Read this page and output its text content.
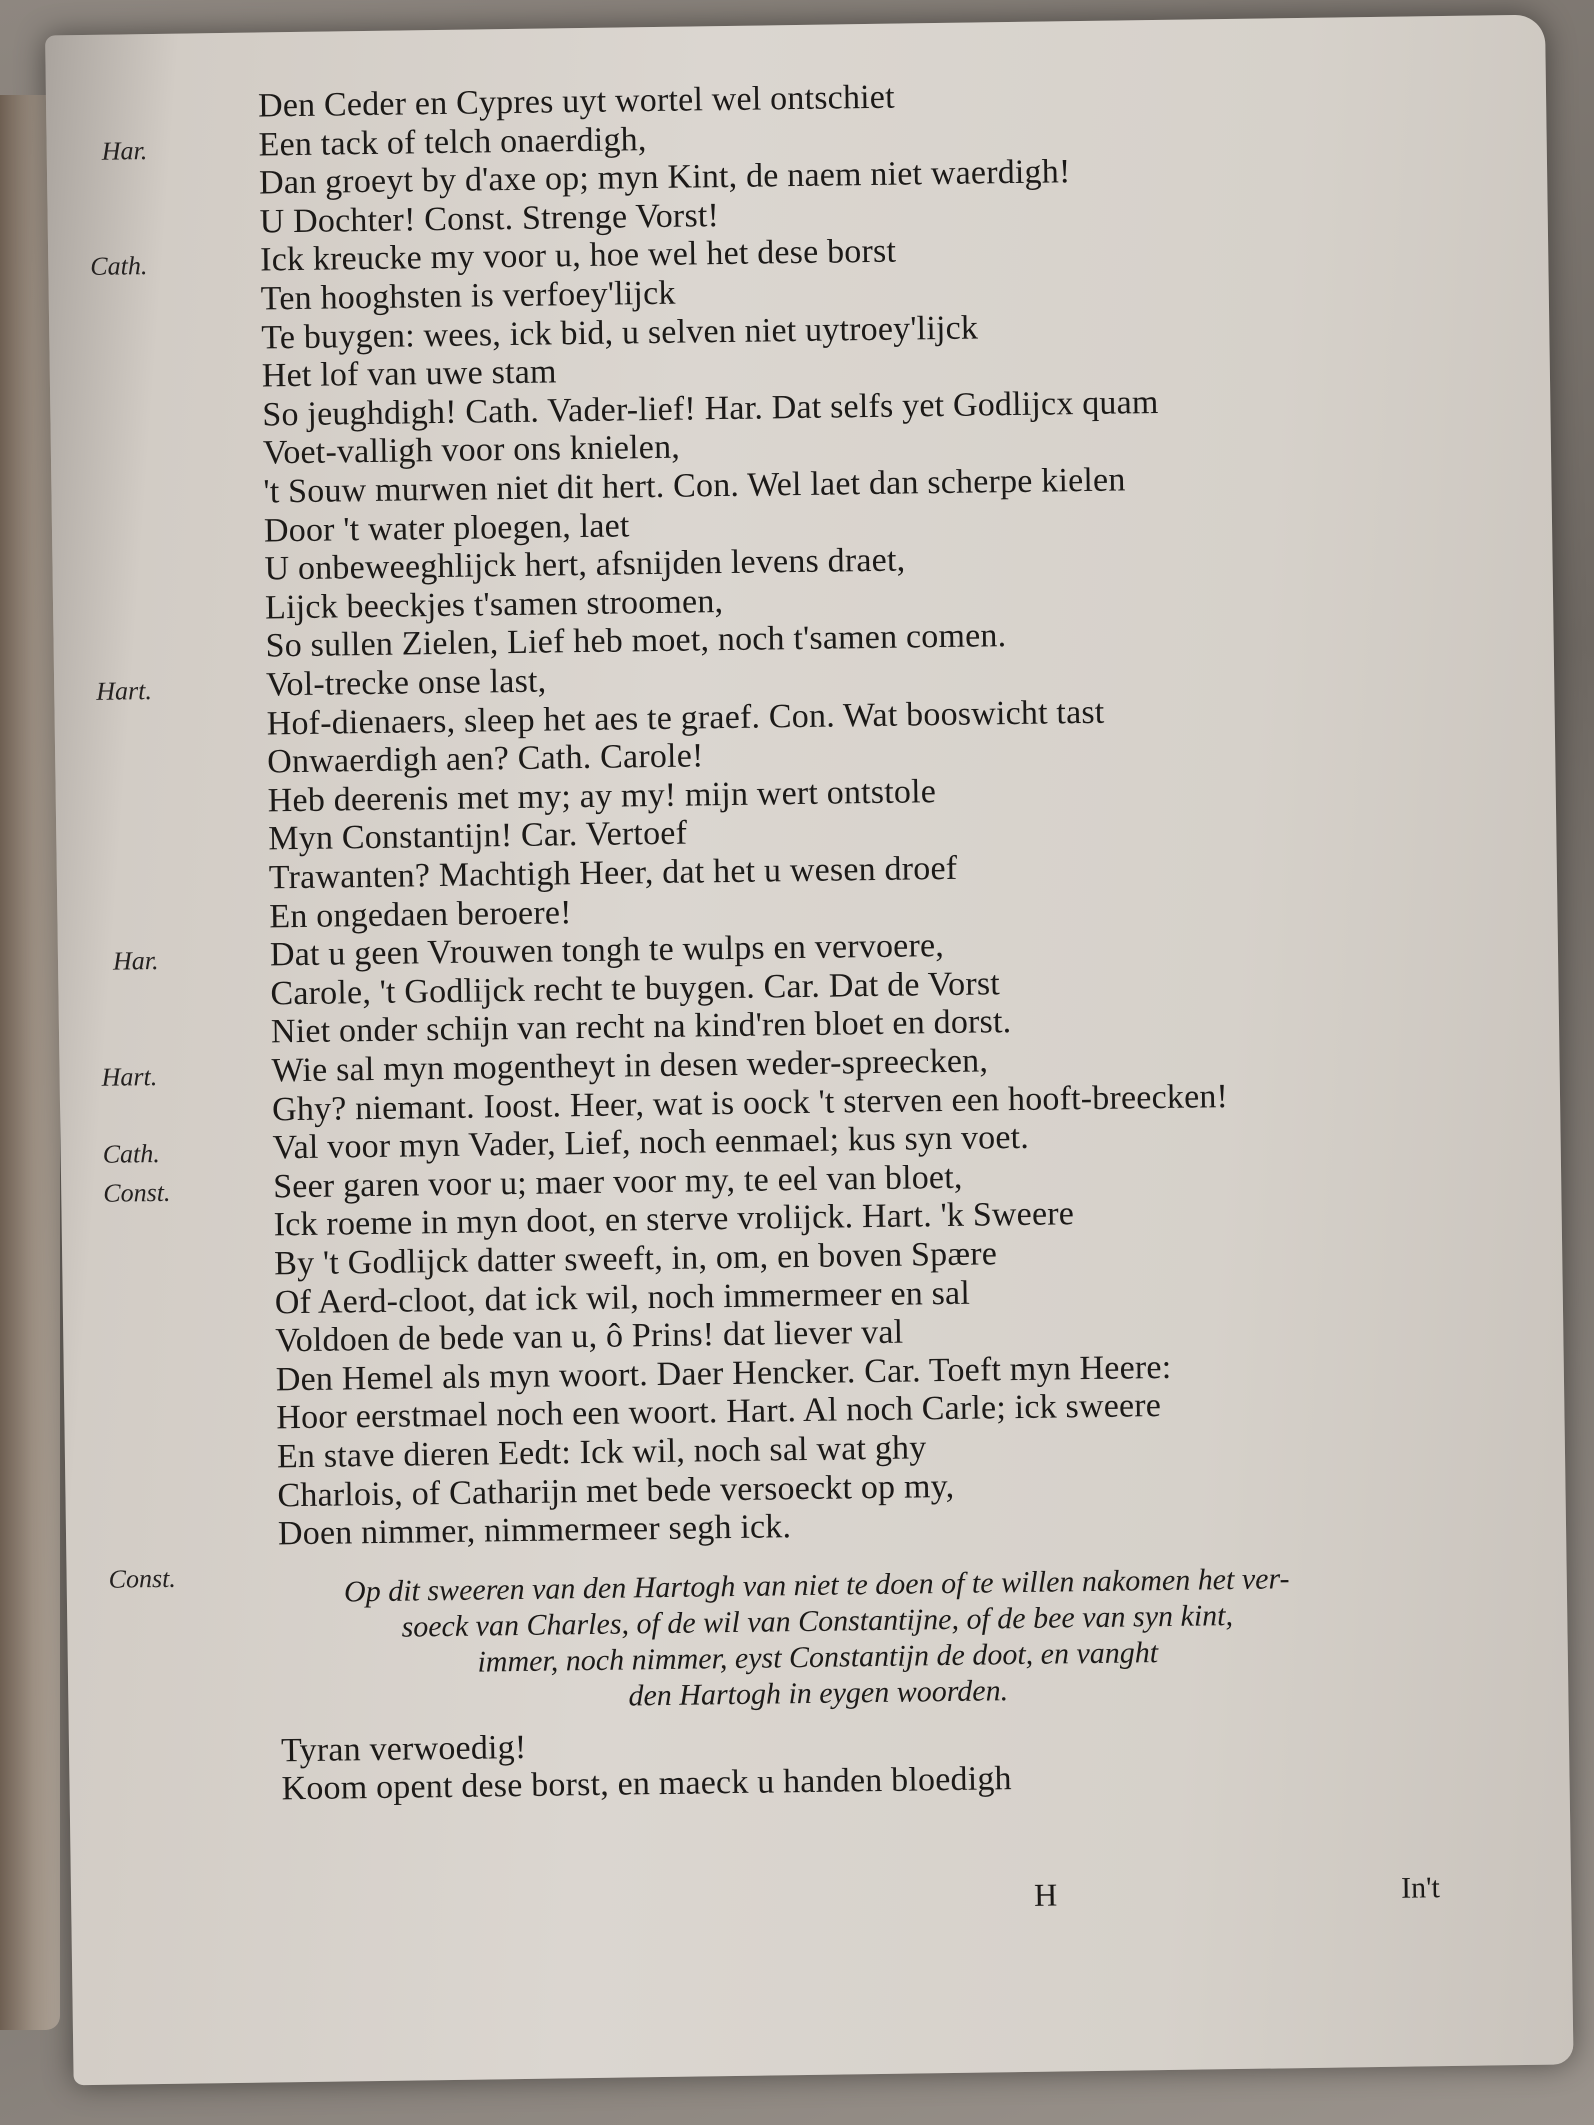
Den Ceder en Cypres uyt wortel wel ontschiet
Een tack of telch onaerdigh,
Dan groeyt by d'axe op; myn Kint, de naem niet waerdigh!
U Dochter! Const. Strenge Vorst!
Ick kreucke my voor u, hoe wel het dese borst
Ten hooghsten is verfoey'lijck
Te buygen: wees, ick bid, u selven niet uytroey'lijck
Het lof van uwe stam
So jeughdigh! Cath. Vader-lief! Har. Dat selfs yet Godlijcx quam
Voet-valligh voor ons knielen,
't Souw murwen niet dit hert. Con. Wel laet dan scherpe kielen
Door 't water ploegen, laet
U onbeweeghlijck hert, afsnijden levens draet,
Lijck beeckjes t'samen stroomen,
So sullen Zielen, Lief heb moet, noch t'samen comen.
Vol-trecke onse last,
Hof-dienaers, sleep het aes te graef. Con. Wat booswicht tast
Onwaerdigh aen? Cath. Carole!
Heb deerenis met my; ay my! mijn wert ontstole
Myn Constantijn! Car. Vertoef
Trawanten? Machtigh Heer, dat het u wesen droef
En ongedaen beroere!
Dat u geen Vrouwen tongh te wulps en vervoere,
Carole, 't Godlijck recht te buygen. Car. Dat de Vorst
Niet onder schijn van recht na kind'ren bloet en dorst.
Wie sal myn mogentheyt in desen weder-spreecken,
Ghy? niemant. Ioost. Heer, wat is oock 't sterven een hooft-breecken!
Val voor myn Vader, Lief, noch eenmael; kus syn voet.
Seer garen voor u; maer voor my, te eel van bloet,
Ick roeme in myn doot, en sterve vrolijck. Hart. 'k Sweere
By 't Godlijck datter sweeft, in, om, en boven Spære
Of Aerd-cloot, dat ick wil, noch immermeer en sal
Voldoen de bede van u, ô Prins! dat liever val
Den Hemel als myn woort. Daer Hencker. Car. Toeft myn Heere:
Hoor eerstmael noch een woort. Hart. Al noch Carle; ick sweere
En stave dieren Eedt: Ick wil, noch sal wat ghy
Charlois, of Catharijn met bede versoeckt op my,
Doen nimmer, nimmermeer segh ick.
Har.
Cath.
Hart.
Har.
Hart.
Cath.
Const.
Const.	Op dit sweeren van den Hartogh van niet te doen of te willen nakomen het ver-
soeck van Charles, of de wil van Constantijne, of de bee van syn kint,
immer, noch nimmer, eyst Constantijn de doot, en vanght
den Hartogh in eygen woorden.
Tyran verwoedig!
Koom opent dese borst, en maeck u handen bloedigh
H	In't
